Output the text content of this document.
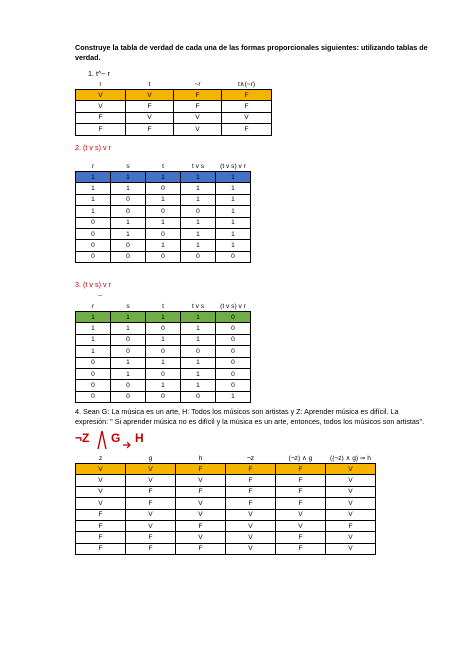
Construye la tabla de verdad de cada una de las formas proporcionales siguientes: utilizando tablas de
verdad.
1. t^~ r
r	t	~r	t∧(~r)
V	V	F	F
V	F	F	F
F	V	V	V
F	F	V	F
2. (t v s) v r
r	s	t	t v s	(t v s) v r
1	1	1	1	1
1	1	0	1	1
1	0	1	1	1
1	0	0	0	1
0	1	1	1	1
0	1	0	1	1
0	0	1	1	1
0	0	0	0	0
3. (t v s) v r
~
r	s	t	t v s	(t v s) v r
1	1	1	1	0
1	1	0	1	0
1	0	1	1	0
1	0	0	0	0
0	1	1	1	0
0	1	0	1	0
0	0	1	1	0
0	0	0	0	1
4. Sean G: La música es un arte, H: Todos los músicos son artistas y Z: Aprender música es difícil. La
expresión: " Si aprender música no es difícil y la música es un arte, entonces, todos los músicos son artistas".
¬Z G H
z	g	h	¬z	(¬z) ∧ g	((¬z) ∧ g) ⇒ h
V	V	F	F	F	V
V	V	V	F	F	V
V	F	F	F	F	V
V	F	V	F	F	V
F	V	V	V	V	V
F	V	F	V	V	F
F	F	V	V	F	V
F	F	F	V	F	V
